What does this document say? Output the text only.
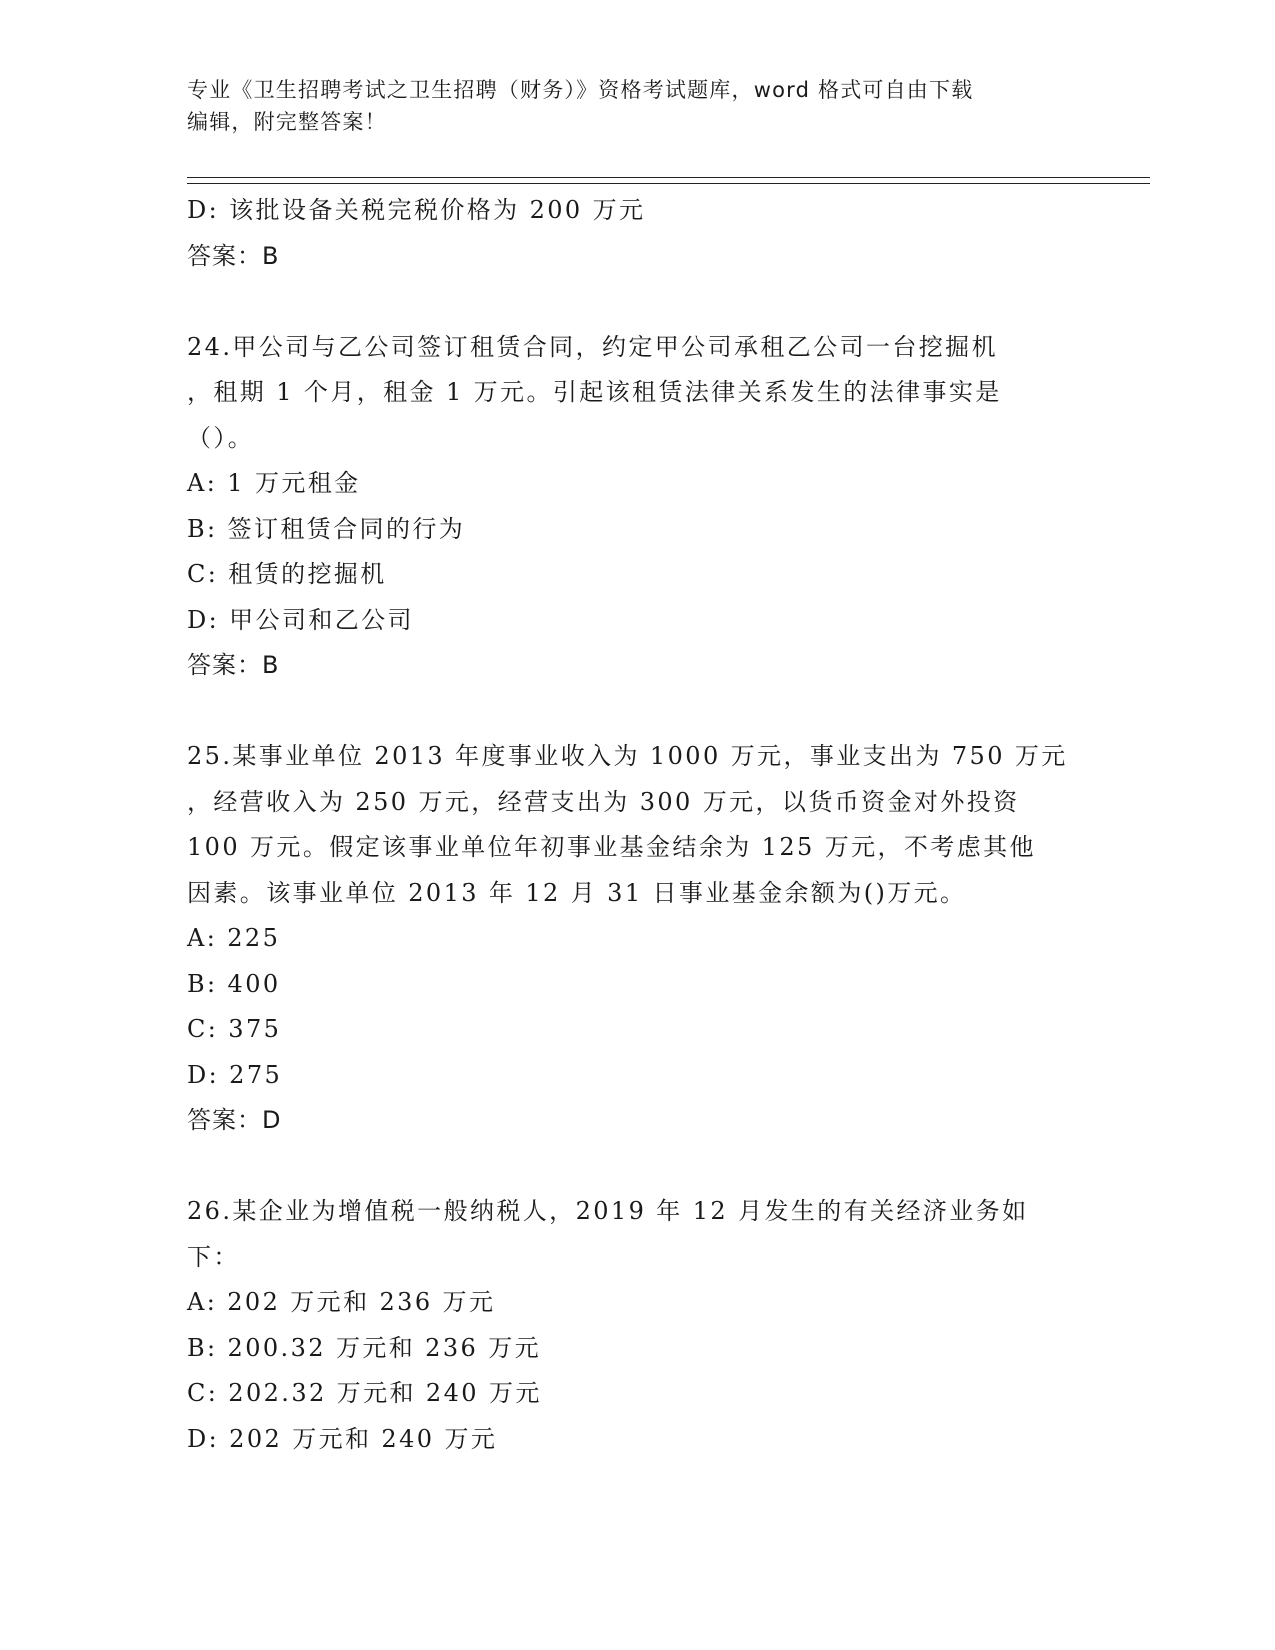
专业《卫生招聘考试之卫生招聘（财务）》资格考试题库，word 格式可自由下载
编辑，附完整答案！
D: 该批设备关税完税价格为 200 万元
答案：B
24.甲公司与乙公司签订租赁合同，约定甲公司承租乙公司一台挖掘机
，租期 1 个月，租金 1 万元。引起该租赁法律关系发生的法律事实是
（）。
A: 1 万元租金
B: 签订租赁合同的行为
C: 租赁的挖掘机
D: 甲公司和乙公司
答案：B
25.某事业单位 2013 年度事业收入为 1000 万元，事业支出为 750 万元
，经营收入为 250 万元，经营支出为 300 万元，以货币资金对外投资
100 万元。假定该事业单位年初事业基金结余为 125 万元，不考虑其他
因素。该事业单位 2013 年 12 月 31 日事业基金余额为()万元。
A: 225
B: 400
C: 375
D: 275
答案：D
26.某企业为增值税一般纳税人，2019 年 12 月发生的有关经济业务如
下：
A: 202 万元和 236 万元
B: 200.32 万元和 236 万元
C: 202.32 万元和 240 万元
D: 202 万元和 240 万元
